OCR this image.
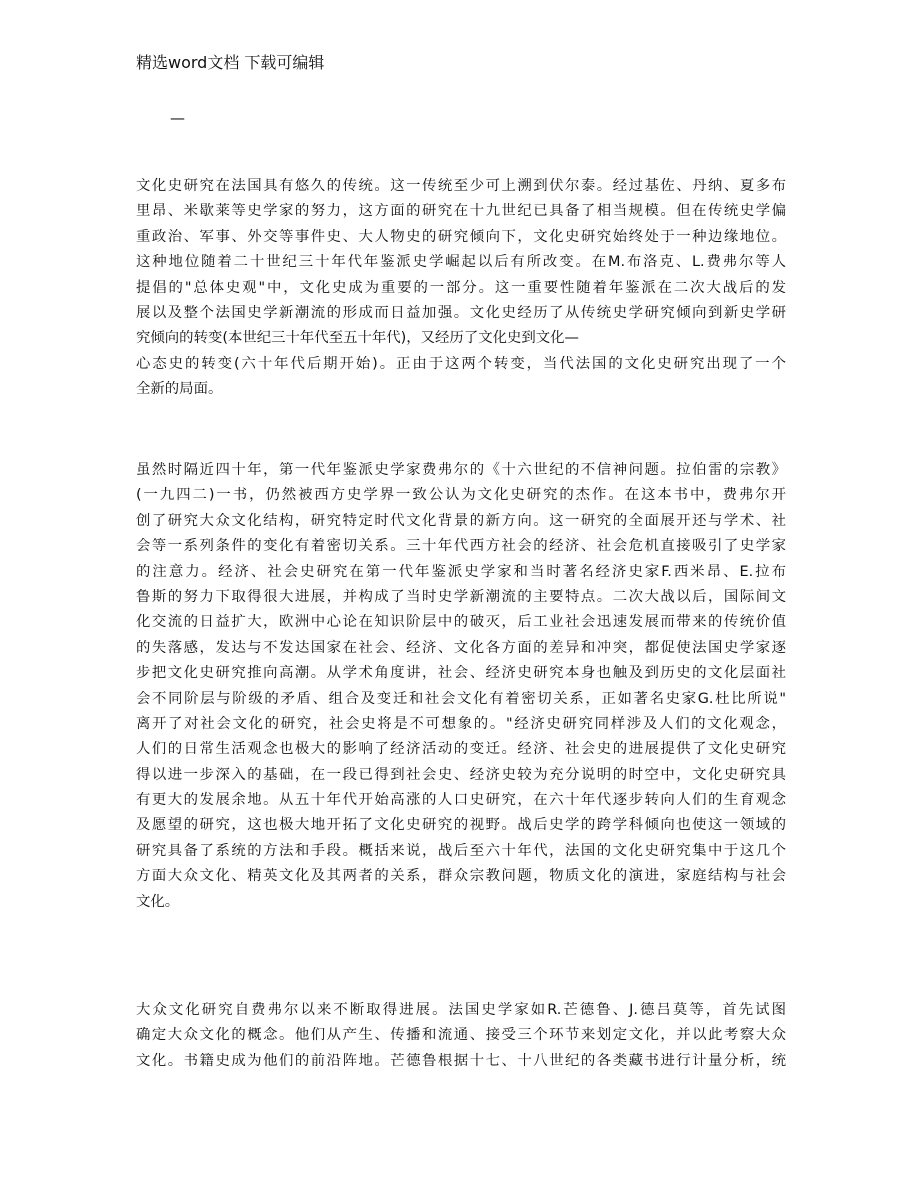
精选word文档 下载可编辑
—
文化史研究在法国具有悠久的传统。这一传统至少可上溯到伏尔泰。经过基佐、丹纳、夏多布
里昂、米歇莱等史学家的努力，这方面的研究在十九世纪已具备了相当规模。但在传统史学偏
重政治、军事、外交等事件史、大人物史的研究倾向下，文化史研究始终处于一种边缘地位。
这种地位随着二十世纪三十年代年鉴派史学崛起以后有所改变。在M.布洛克、L.费弗尔等人
提倡的"总体史观"中，文化史成为重要的一部分。这一重要性随着年鉴派在二次大战后的发
展以及整个法国史学新潮流的形成而日益加强。文化史经历了从传统史学研究倾向到新史学研
究倾向的转变(本世纪三十年代至五十年代)，又经历了文化史到文化—
心态史的转变(六十年代后期开始)。正由于这两个转变，当代法国的文化史研究出现了一个
全新的局面。
虽然时隔近四十年，第一代年鉴派史学家费弗尔的《十六世纪的不信神问题。拉伯雷的宗教》
(一九四二)一书，仍然被西方史学界一致公认为文化史研究的杰作。在这本书中，费弗尔开
创了研究大众文化结构，研究特定时代文化背景的新方向。这一研究的全面展开还与学术、社
会等一系列条件的变化有着密切关系。三十年代西方社会的经济、社会危机直接吸引了史学家
的注意力。经济、社会史研究在第一代年鉴派史学家和当时著名经济史家F.西米昂、E.拉布
鲁斯的努力下取得很大进展，并构成了当时史学新潮流的主要特点。二次大战以后，国际间文
化交流的日益扩大，欧洲中心论在知识阶层中的破灭，后工业社会迅速发展而带来的传统价值
的失落感，发达与不发达国家在社会、经济、文化各方面的差异和冲突，都促使法国史学家逐
步把文化史研究推向高潮。从学术角度讲，社会、经济史研究本身也触及到历史的文化层面社
会不同阶层与阶级的矛盾、组合及变迁和社会文化有着密切关系，正如著名史家G.杜比所说"
离开了对社会文化的研究，社会史将是不可想象的。"经济史研究同样涉及人们的文化观念，
人们的日常生活观念也极大的影响了经济活动的变迁。经济、社会史的进展提供了文化史研究
得以进一步深入的基础，在一段已得到社会史、经济史较为充分说明的时空中，文化史研究具
有更大的发展余地。从五十年代开始高涨的人口史研究，在六十年代逐步转向人们的生育观念
及愿望的研究，这也极大地开拓了文化史研究的视野。战后史学的跨学科倾向也使这一领域的
研究具备了系统的方法和手段。概括来说，战后至六十年代，法国的文化史研究集中于这几个
方面大众文化、精英文化及其两者的关系，群众宗教问题，物质文化的演进，家庭结构与社会
文化。
大众文化研究自费弗尔以来不断取得进展。法国史学家如R.芒德鲁、J.德吕莫等，首先试图
确定大众文化的概念。他们从产生、传播和流通、接受三个环节来划定文化，并以此考察大众
文化。书籍史成为他们的前沿阵地。芒德鲁根据十七、十八世纪的各类藏书进行计量分析，统
